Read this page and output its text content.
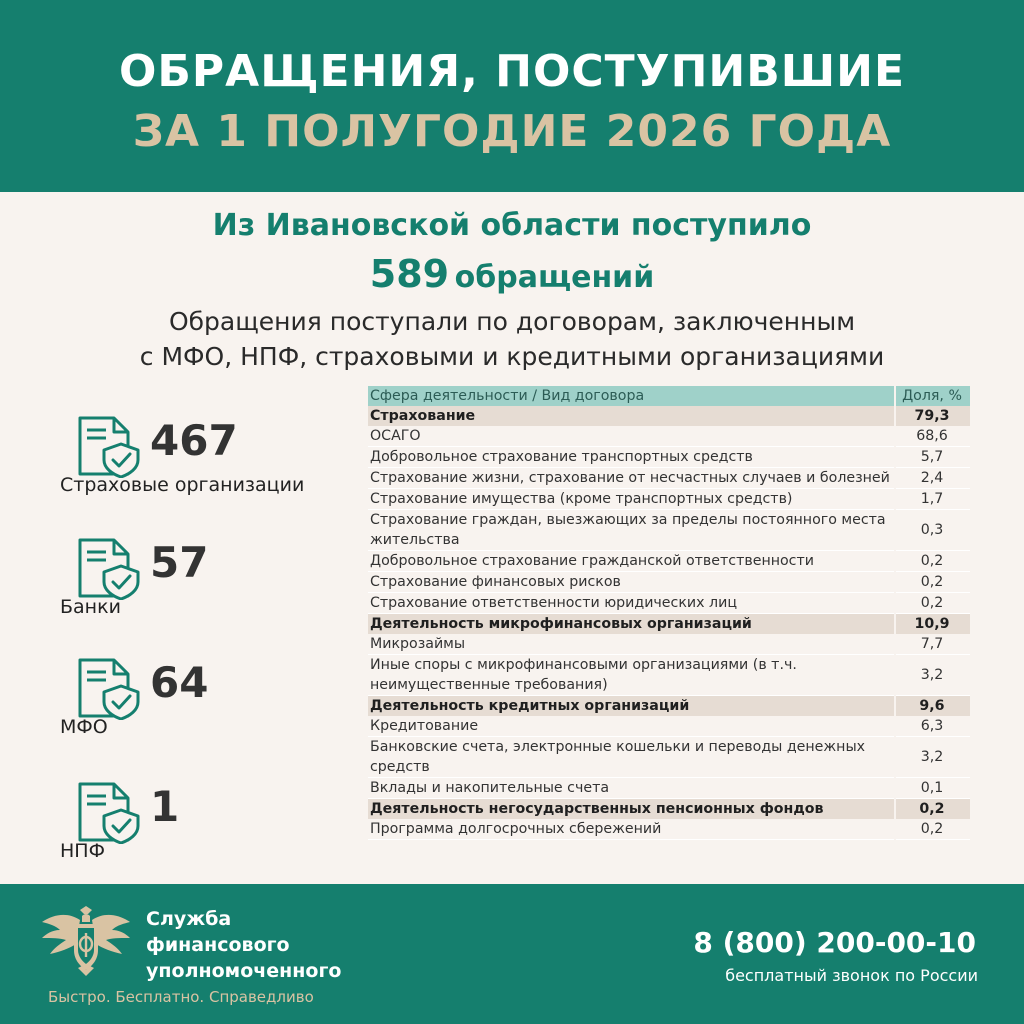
ОБРАЩЕНИЯ, ПОСТУПИВШИЕ
ЗА 1 ПОЛУГОДИЕ 2026 ГОДА
Из Ивановской области поступило
589 обращений
Обращения поступали по договорам, заключенным
с МФО, НПФ, страховыми и кредитными организациями
467
Страховые организации
57
Банки
64
МФО
1
НПФ
Сфера деятельности / Вид договора	Доля, %
Страхование	79,3
ОСАГО	68,6
Добровольное страхование транспортных средств	5,7
Страхование жизни, страхование от несчастных случаев и болезней	2,4
Страхование имущества (кроме транспортных средств)	1,7
Страхование граждан, выезжающих за пределы постоянного места жительства	0,3
Добровольное страхование гражданской ответственности	0,2
Страхование финансовых рисков	0,2
Страхование ответственности юридических лиц	0,2
Деятельность микрофинансовых организаций	10,9
Микрозаймы	7,7
Иные споры с микрофинансовыми организациями (в т.ч. неимущественные требования)	3,2
Деятельность кредитных организаций	9,6
Кредитование	6,3
Банковские счета, электронные кошельки и переводы денежных средств	3,2
Вклады и накопительные счета	0,1
Деятельность негосударственных пенсионных фондов	0,2
Программа долгосрочных сбережений	0,2
Служба
финансового
уполномоченного
Быстро. Бесплатно. Справедливо
8 (800) 200-00-10
бесплатный звонок по России
